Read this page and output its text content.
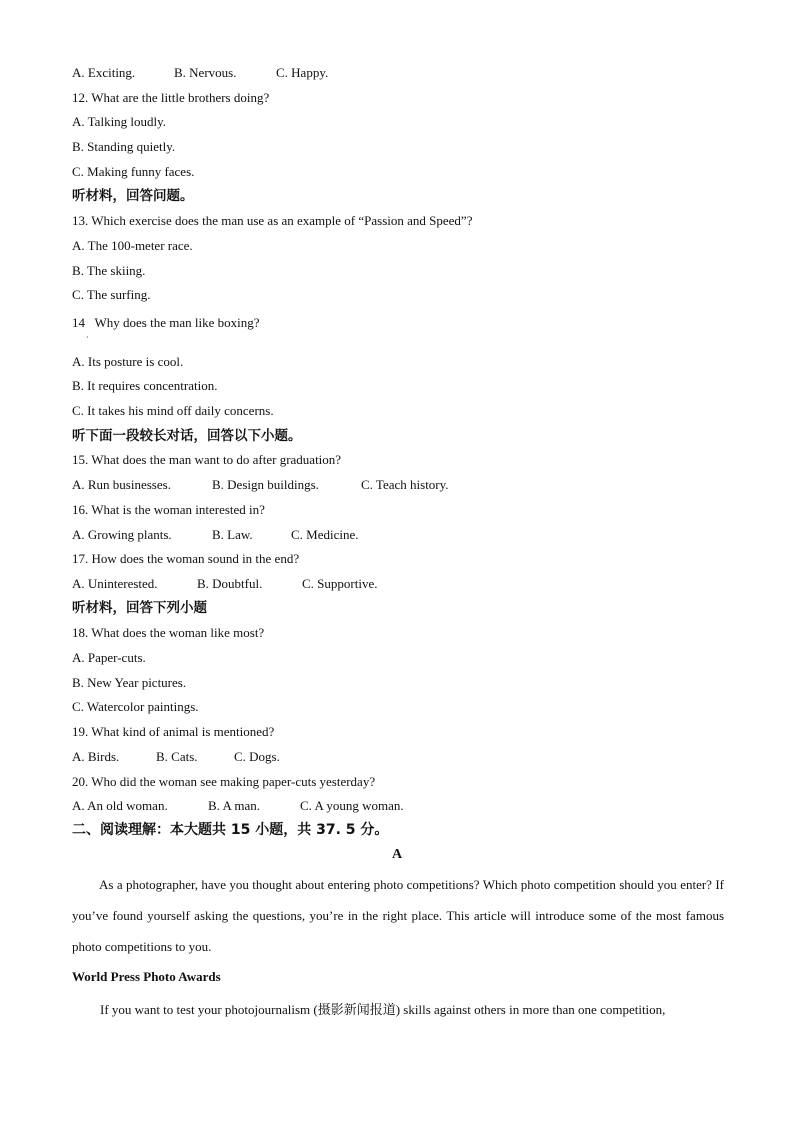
A. Exciting.	B. Nervous.	C. Happy.
12. What are the little brothers doing?
A. Talking loudly.
B. Standing quietly.
C. Making funny faces.
听材料，回答问题。
13. Which exercise does the man use as an example of “Passion and Speed”?
A. The 100-meter race.
B. The skiing.
C. The surfing.
14   Why does the man like boxing?
·
A. Its posture is cool.
B. It requires concentration.
C. It takes his mind off daily concerns.
听下面一段较长对话，回答以下小题。
15. What does the man want to do after graduation?
A. Run businesses.	B. Design buildings.	C. Teach history.
16. What is the woman interested in?
A. Growing plants.	B. Law.	C. Medicine.
17. How does the woman sound in the end?
A. Uninterested.	B. Doubtful.	C. Supportive.
听材料，回答下列小题
18. What does the woman like most?
A. Paper-cuts.
B. New Year pictures.
C. Watercolor paintings.
19. What kind of animal is mentioned?
A. Birds.	B. Cats.	C. Dogs.
20. Who did the woman see making paper-cuts yesterday?
A. An old woman.	B. A man.	C. A young woman.
二、阅读理解：本大题共 15 小题，共 37. 5 分。
A
As a photographer, have you thought about entering photo competitions? Which photo competition should you enter? If you’ve found yourself asking the questions, you’re in the right place. This article will introduce some of the most famous photo competitions to you.
World Press Photo Awards
If you want to test your photojournalism (摄影新闻报道) skills against others in more than one competition,
